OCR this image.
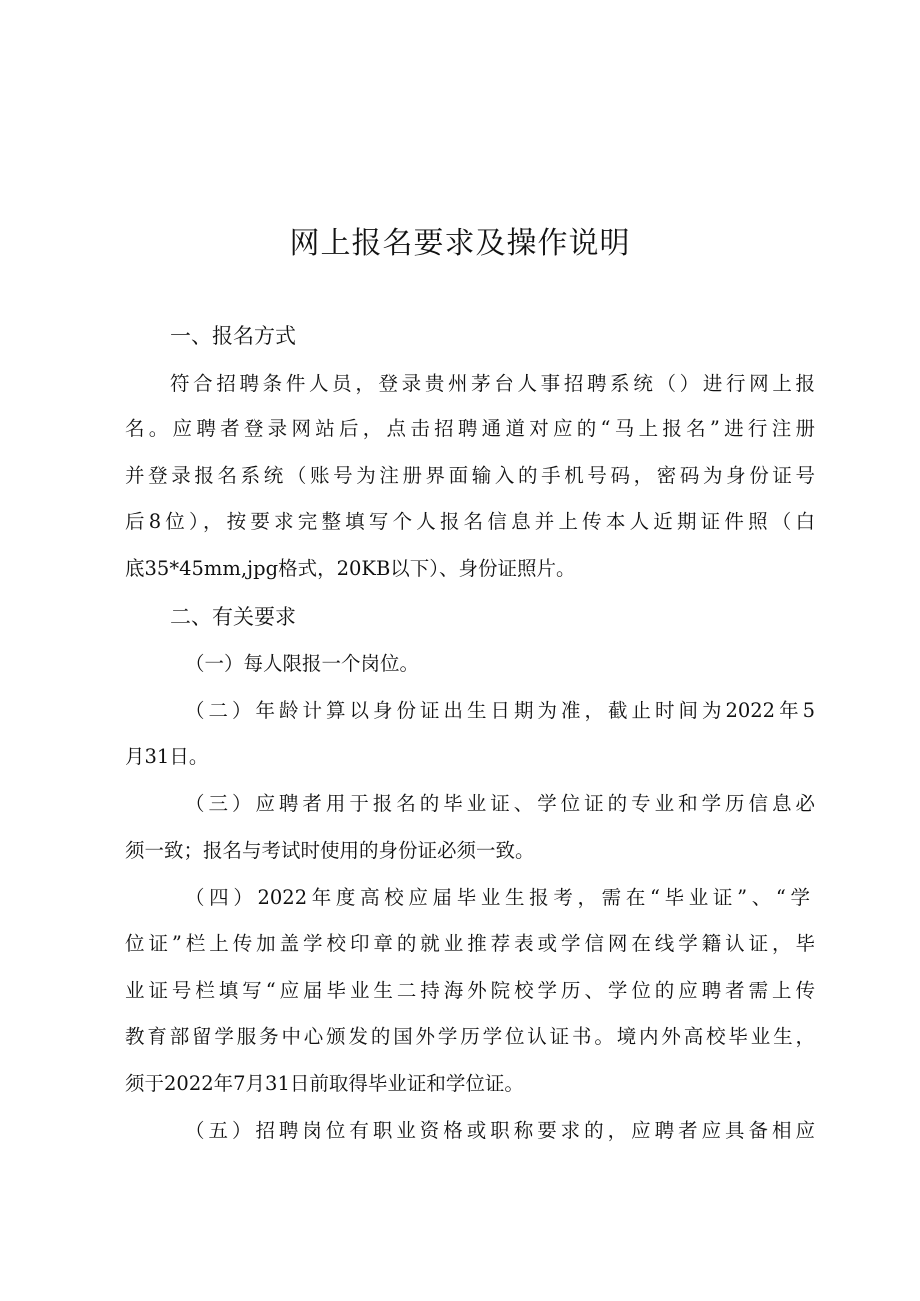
网上报名要求及操作说明
一、报名方式
符合招聘条件人员，登录贵州茅台人事招聘系统（）进行网上报
名。应聘者登录网站后，点击招聘通道对应的“马上报名”进行注册
并登录报名系统（账号为注册界面输入的手机号码，密码为身份证号
后8位），按要求完整填写个人报名信息并上传本人近期证件照（白
底35*45mm,jpg格式，20KB以下）、身份证照片。
二、有关要求
（一）每人限报一个岗位。
（二）年龄计算以身份证出生日期为准，截止时间为2022年5
月31日。
（三）应聘者用于报名的毕业证、学位证的专业和学历信息必
须一致；报名与考试时使用的身份证必须一致。
（四）2022年度高校应届毕业生报考，需在“毕业证”、“学
位证”栏上传加盖学校印章的就业推荐表或学信网在线学籍认证，毕
业证号栏填写“应届毕业生二持海外院校学历、学位的应聘者需上传
教育部留学服务中心颁发的国外学历学位认证书。境内外高校毕业生，
须于2022年7月31日前取得毕业证和学位证。
（五）招聘岗位有职业资格或职称要求的，应聘者应具备相应
